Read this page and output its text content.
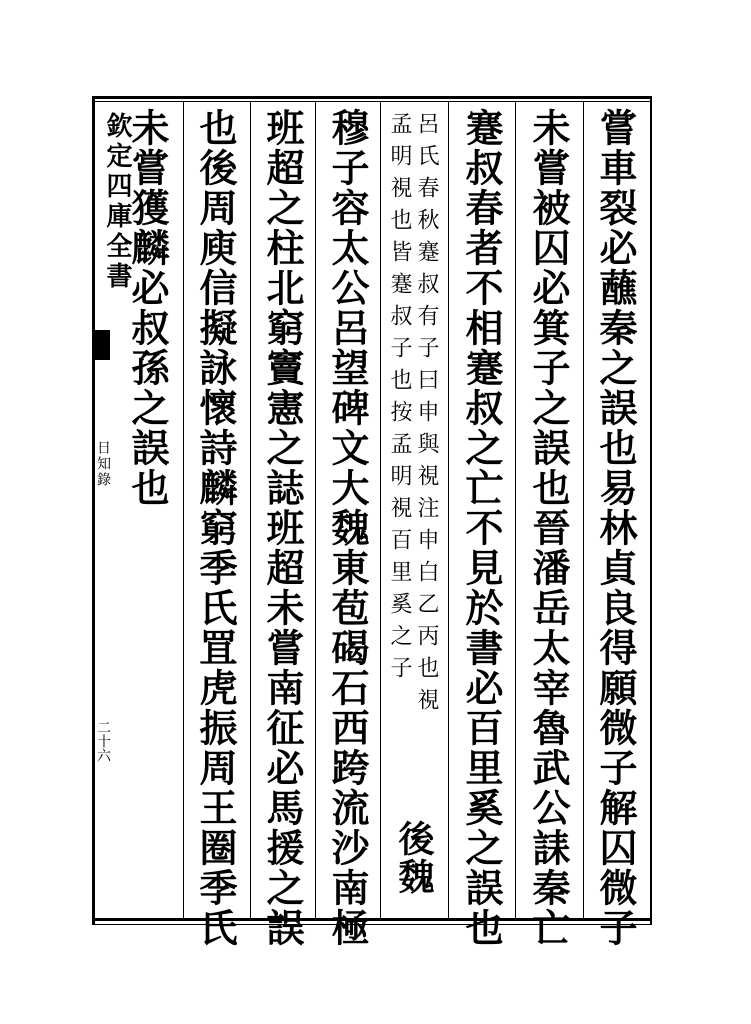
欽定四庫全書
日知錄
二十六	嘗車裂必蘸秦之誤也易林貞良得願微子解囚微子
未嘗被囚必箕子之誤也晉潘岳太宰魯武公誄秦亡
蹇叔春者不相蹇叔之亡不見於書必百里奚之誤也
呂氏春秋蹇叔有子曰申與視注申白乙丙也視
孟明視也皆蹇叔子也按孟明視百里奚之子
後魏
穆子容太公呂望碑文大魏東苞碣石西跨流沙南極
班超之柱北窮竇憲之誌班超未嘗南征必馬援之誤
也後周庾信擬詠懷詩麟窮季氏罝虎振周王圈季氏
未嘗獲麟必叔孫之誤也
